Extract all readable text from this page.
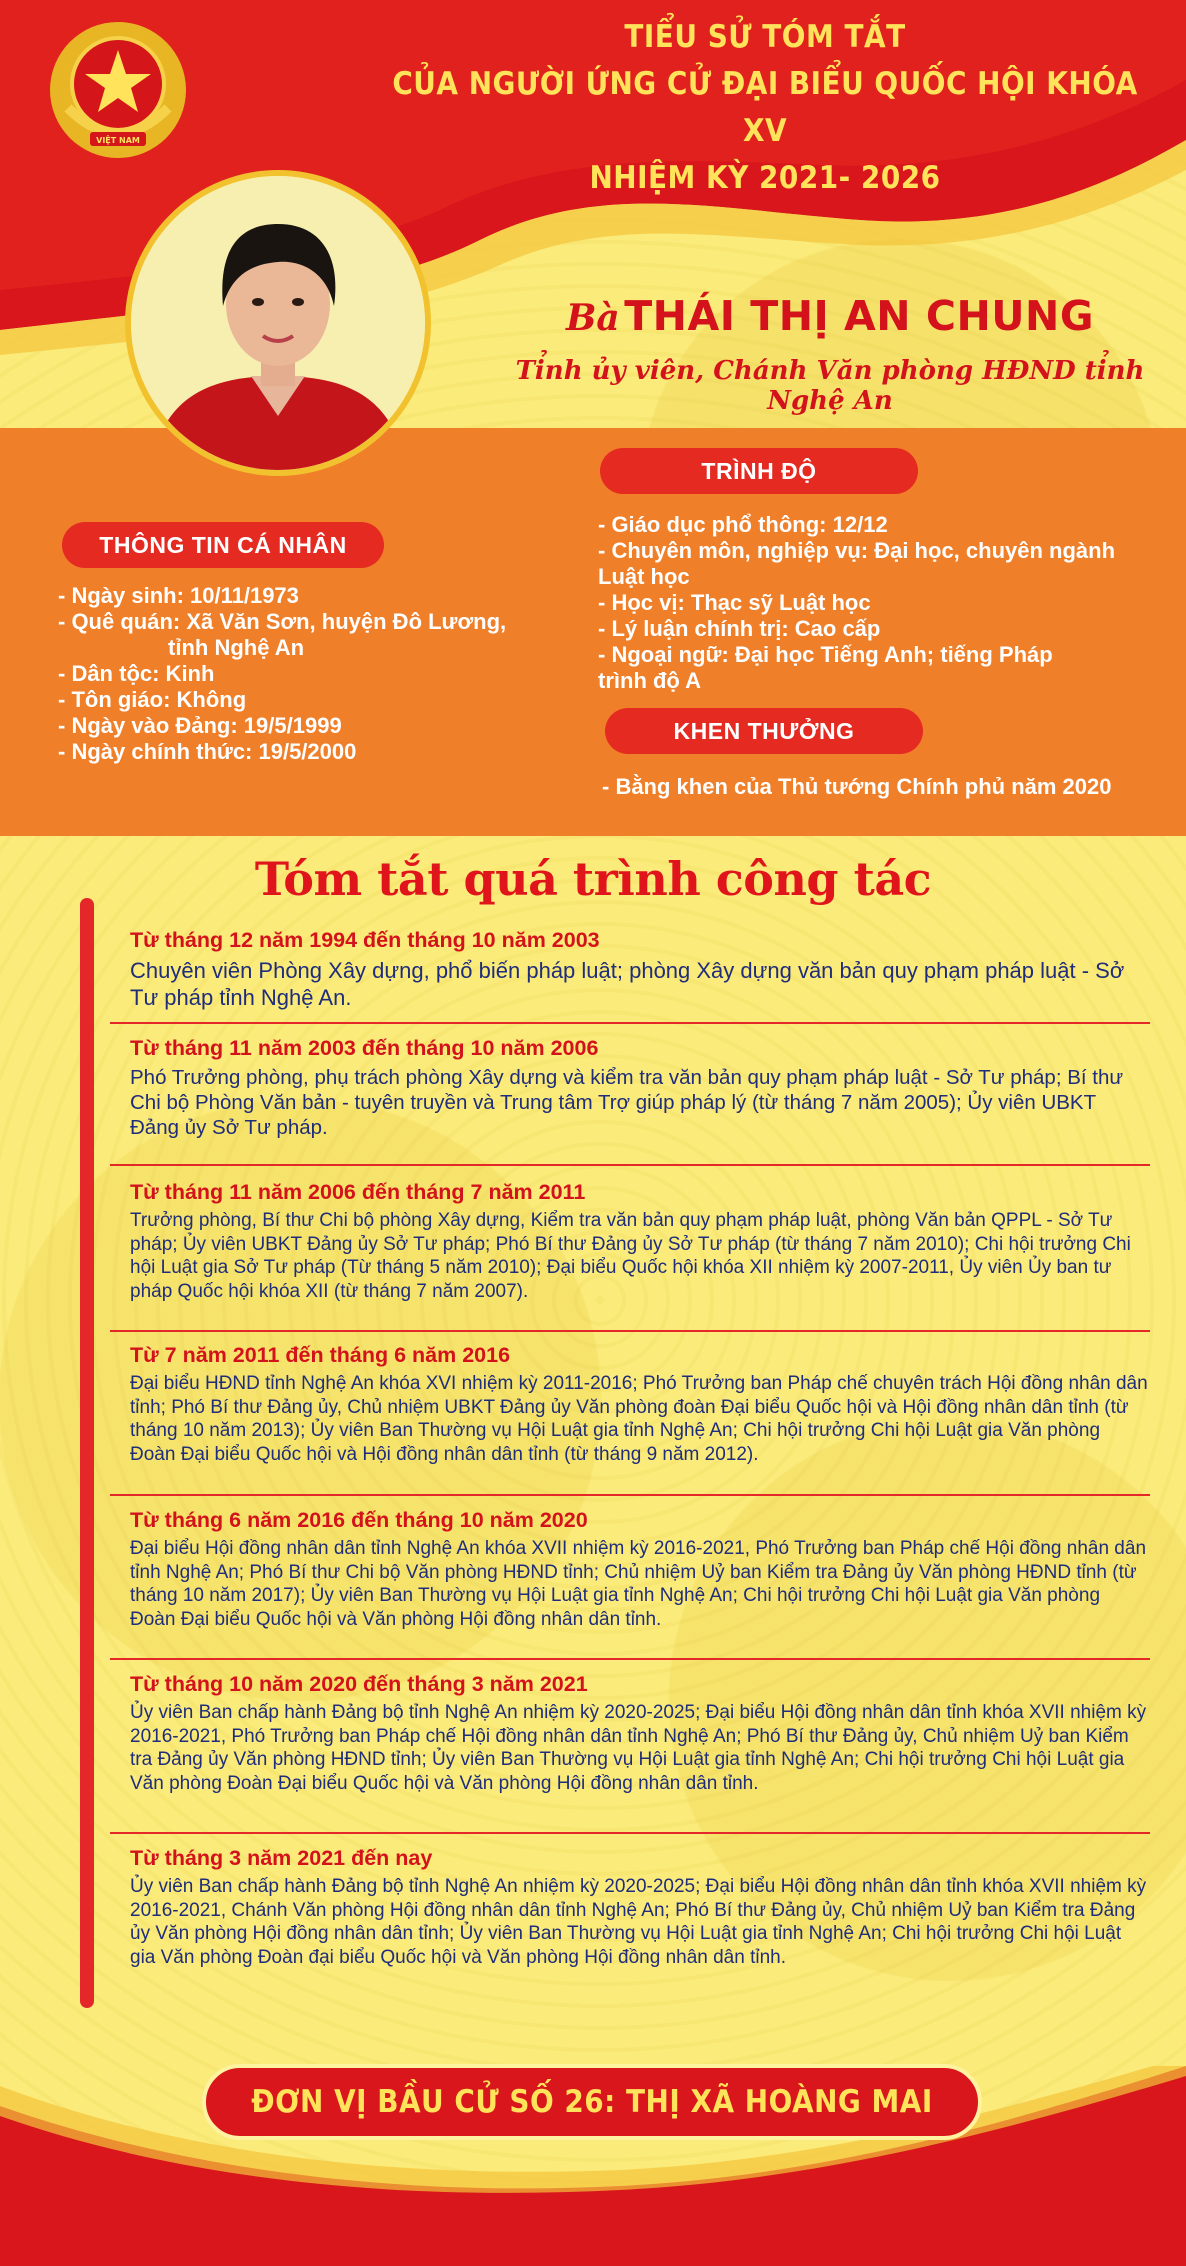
VIỆT NAM
TIỂU SỬ TÓM TẮT
CỦA NGƯỜI ỨNG CỬ ĐẠI BIỂU QUỐC HỘI KHÓA XV
NHIỆM KỲ 2021- 2026
Bà THÁI THỊ AN CHUNG
Tỉnh ủy viên, Chánh Văn phòng HĐND tỉnh Nghệ An
TRÌNH ĐỘ
- Giáo dục phổ thông: 12/12
- Chuyên môn, nghiệp vụ: Đại học, chuyên ngành
Luật học
- Học vị: Thạc sỹ Luật học
- Lý luận chính trị: Cao cấp
- Ngoại ngữ: Đại học Tiếng Anh; tiếng Pháp
trình độ A
THÔNG TIN CÁ NHÂN
- Ngày sinh: 10/11/1973
- Quê quán: Xã Văn Sơn, huyện Đô Lương,
tỉnh Nghệ An
- Dân tộc: Kinh
- Tôn giáo: Không
- Ngày vào Đảng: 19/5/1999
- Ngày chính thức: 19/5/2000
KHEN THƯỞNG
- Bằng khen của Thủ tướng Chính phủ năm 2020
Tóm tắt quá trình công tác
Từ tháng 12 năm 1994 đến tháng 10 năm 2003
Chuyên viên Phòng Xây dựng, phổ biến pháp luật; phòng Xây dựng văn bản quy phạm pháp luật - Sở Tư pháp tỉnh Nghệ An.
Từ tháng 11 năm 2003 đến tháng 10 năm 2006
Phó Trưởng phòng, phụ trách phòng Xây dựng và kiểm tra văn bản quy phạm pháp luật - Sở Tư pháp; Bí thư Chi bộ Phòng Văn bản - tuyên truyền và Trung tâm Trợ giúp pháp lý (từ tháng 7 năm 2005); Ủy viên UBKT Đảng ủy Sở Tư pháp.
Từ tháng 11 năm 2006 đến tháng 7 năm 2011
Trưởng phòng, Bí thư Chi bộ phòng Xây dựng, Kiểm tra văn bản quy phạm pháp luật, phòng Văn bản QPPL - Sở Tư pháp; Ủy viên UBKT Đảng ủy Sở Tư pháp; Phó Bí thư Đảng ủy Sở Tư pháp (từ tháng 7 năm 2010); Chi hội trưởng Chi hội Luật gia Sở Tư pháp (Từ tháng 5 năm 2010); Đại biểu Quốc hội khóa XII nhiệm kỳ 2007-2011, Ủy viên Ủy ban tư pháp Quốc hội khóa XII (từ tháng 7 năm 2007).
Từ 7 năm 2011 đến tháng 6 năm 2016
Đại biểu HĐND tỉnh Nghệ An khóa XVI nhiệm kỳ 2011-2016; Phó Trưởng ban Pháp chế chuyên trách Hội đồng nhân dân tỉnh; Phó Bí thư Đảng ủy, Chủ nhiệm UBKT Đảng ủy Văn phòng đoàn Đại biểu Quốc hội và Hội đồng nhân dân tỉnh (từ tháng 10 năm 2013); Ủy viên Ban Thường vụ Hội Luật gia tỉnh Nghệ An; Chi hội trưởng Chi hội Luật gia Văn phòng Đoàn Đại biểu Quốc hội và Hội đồng nhân dân tỉnh (từ tháng 9 năm 2012).
Từ tháng 6 năm 2016 đến tháng 10 năm 2020
Đại biểu Hội đồng nhân dân tỉnh Nghệ An khóa XVII nhiệm kỳ 2016-2021, Phó Trưởng ban Pháp chế Hội đồng nhân dân tỉnh Nghệ An; Phó Bí thư Chi bộ Văn phòng HĐND tỉnh; Chủ nhiệm Uỷ ban Kiểm tra Đảng ủy Văn phòng HĐND tỉnh (từ tháng 10 năm 2017); Ủy viên Ban Thường vụ Hội Luật gia tỉnh Nghệ An; Chi hội trưởng Chi hội Luật gia Văn phòng Đoàn Đại biểu Quốc hội và Văn phòng Hội đồng nhân dân tỉnh.
Từ tháng 10 năm 2020 đến tháng 3 năm 2021
Ủy viên Ban chấp hành Đảng bộ tỉnh Nghệ An nhiệm kỳ 2020-2025; Đại biểu Hội đồng nhân dân tỉnh khóa XVII nhiệm kỳ 2016-2021, Phó Trưởng ban Pháp chế Hội đồng nhân dân tỉnh Nghệ An; Phó Bí thư Đảng ủy, Chủ nhiệm Uỷ ban Kiểm tra Đảng ủy Văn phòng HĐND tỉnh; Ủy viên Ban Thường vụ Hội Luật gia tỉnh Nghệ An; Chi hội trưởng Chi hội Luật gia Văn phòng Đoàn Đại biểu Quốc hội và Văn phòng Hội đồng nhân dân tỉnh.
Từ tháng 3 năm 2021 đến nay
Ủy viên Ban chấp hành Đảng bộ tỉnh Nghệ An nhiệm kỳ 2020-2025; Đại biểu Hội đồng nhân dân tỉnh khóa XVII nhiệm kỳ 2016-2021, Chánh Văn phòng Hội đồng nhân dân tỉnh Nghệ An; Phó Bí thư Đảng ủy, Chủ nhiệm Uỷ ban Kiểm tra Đảng ủy Văn phòng Hội đồng nhân dân tỉnh; Ủy viên Ban Thường vụ Hội Luật gia tỉnh Nghệ An; Chi hội trưởng Chi hội Luật gia Văn phòng Đoàn đại biểu Quốc hội và Văn phòng Hội đồng nhân dân tỉnh.
ĐƠN VỊ BẦU CỬ SỐ 26: THỊ XÃ HOÀNG MAI
